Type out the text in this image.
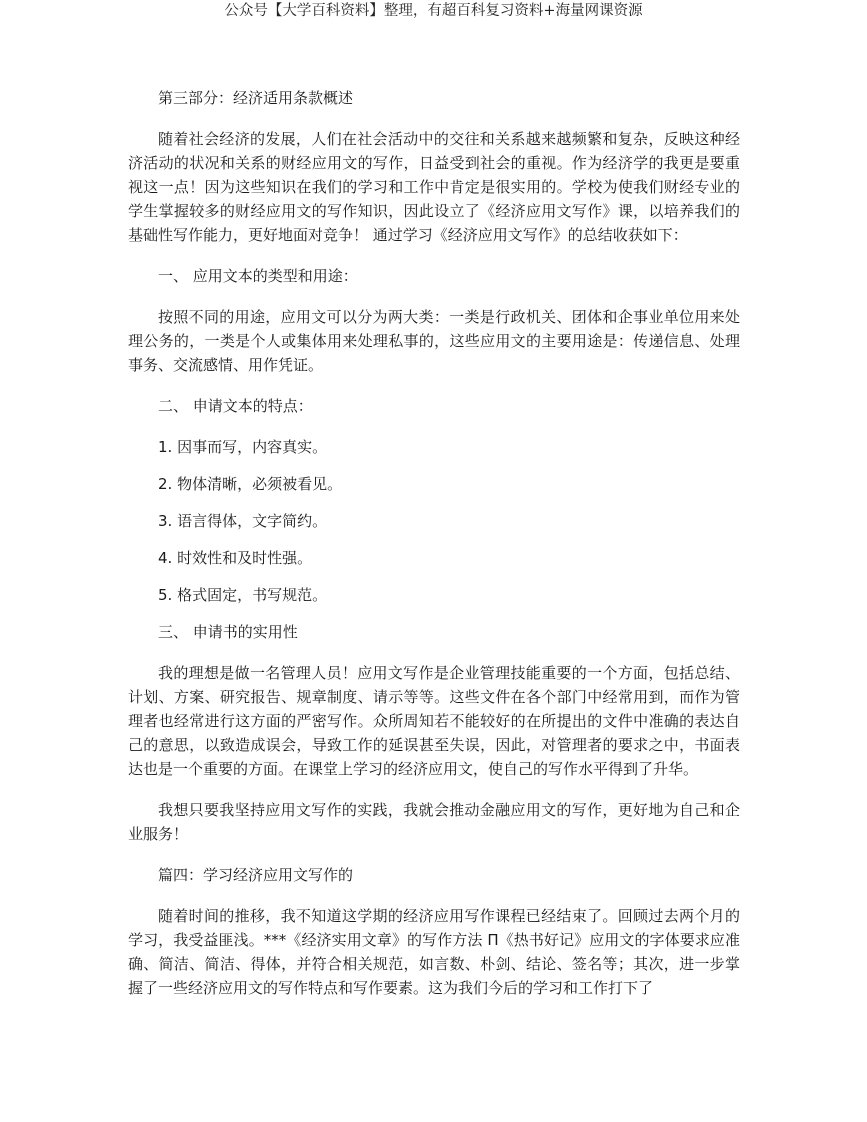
公众号【大学百科资料】整理，有超百科复习资料+海量网课资源

第三部分：经济适用条款概述

随着社会经济的发展，人们在社会活动中的交往和关系越来越频繁和复杂，反映这种经济活动的状况和关系的财经应用文的写作，日益受到社会的重视。作为经济学的我更是要重视这一点！因为这些知识在我们的学习和工作中肯定是很实用的。学校为使我们财经专业的学生掌握较多的财经应用文的写作知识，因此设立了《经济应用文写作》课，以培养我们的基础性写作能力，更好地面对竞争！ 通过学习《经济应用文写作》的总结收获如下：

一、 应用文本的类型和用途：

按照不同的用途，应用文可以分为两大类：一类是行政机关、团体和企事业单位用来处理公务的，一类是个人或集体用来处理私事的，这些应用文的主要用途是：传递信息、处理事务、交流感情、用作凭证。

二、 申请文本的特点：

1. 因事而写，内容真实。

2. 物体清晰，必须被看见。

3. 语言得体，文字简约。

4. 时效性和及时性强。

5. 格式固定，书写规范。

三、 申请书的实用性

我的理想是做一名管理人员！应用文写作是企业管理技能重要的一个方面，包括总结、计划、方案、研究报告、规章制度、请示等等。这些文件在各个部门中经常用到，而作为管理者也经常进行这方面的严密写作。众所周知若不能较好的在所提出的文件中准确的表达自己的意思，以致造成误会，导致工作的延误甚至失误，因此，对管理者的要求之中，书面表达也是一个重要的方面。在课堂上学习的经济应用文，使自己的写作水平得到了升华。

我想只要我坚持应用文写作的实践，我就会推动金融应用文的写作，更好地为自己和企业服务！

篇四：学习经济应用文写作的

随着时间的推移，我不知道这学期的经济应用写作课程已经结束了。回顾过去两个月的学习，我受益匪浅。***《经济实用文章》的写作方法 Π《热书好记》应用文的字体要求应准确、简洁、简洁、得体，并符合相关规范，如言数、朴剑、结论、签名等；其次，进一步掌握了一些经济应用文的写作特点和写作要素。这为我们今后的学习和工作打下了
